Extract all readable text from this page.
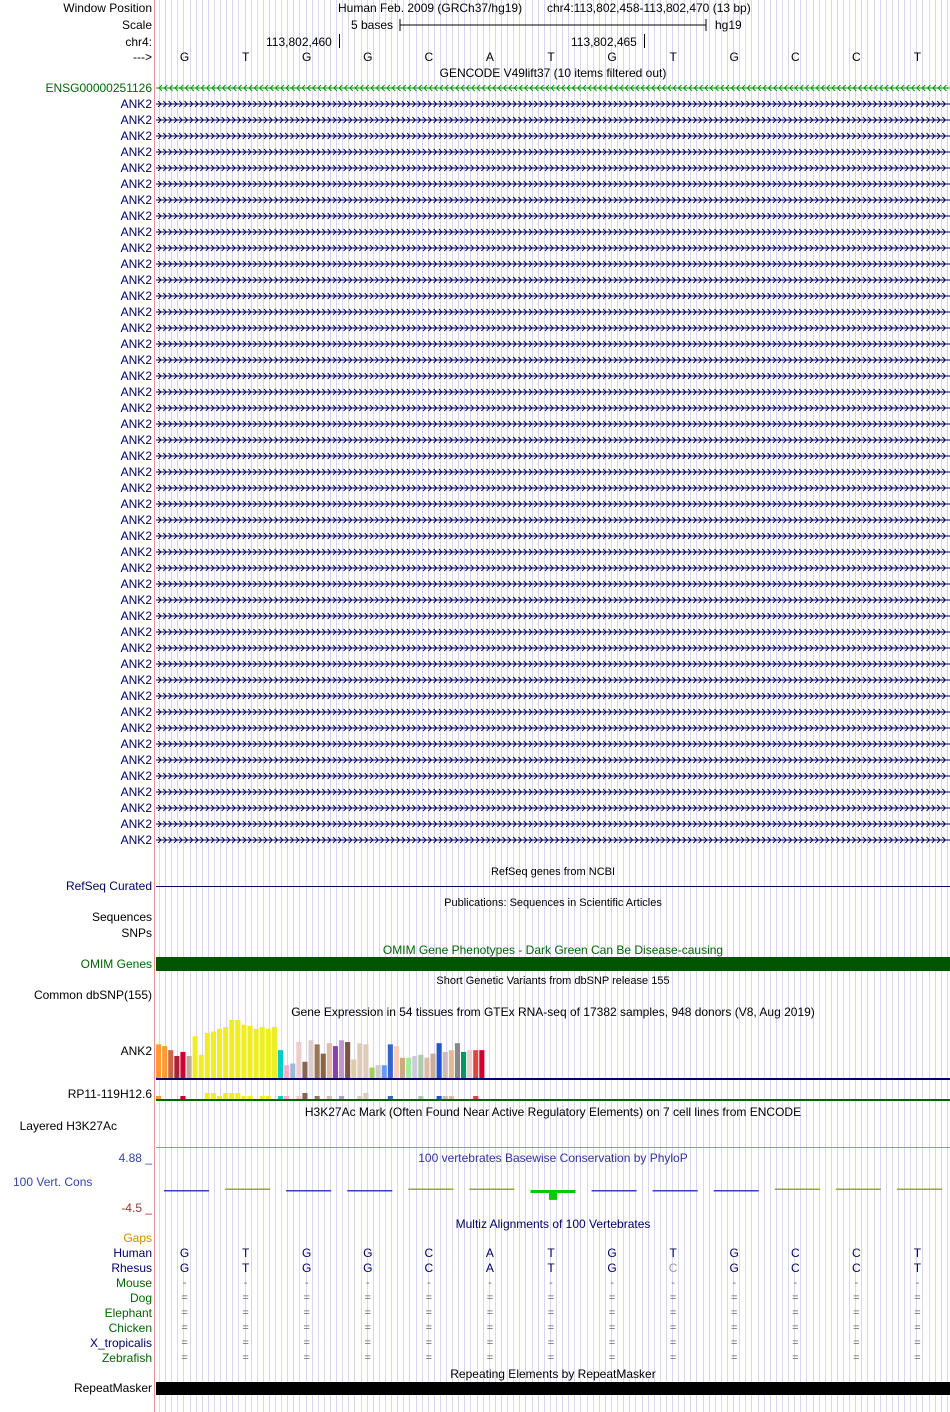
Window Position	Human Feb. 2009 (GRCh37/hg19) chr4:113,802,458-113,802,470 (13 bp)
Scale	5 bases	hg19
chr4:	113,802,460	113,802,465
--->	G	T	G	G	C	A	T	G	T	G	C	C	T
GENCODE V49lift37 (10 items filtered out)
ENSG00000251126
ANK2
ANK2
ANK2
ANK2
ANK2
ANK2
ANK2
ANK2
ANK2
ANK2
ANK2
ANK2
ANK2
ANK2
ANK2
ANK2
ANK2
ANK2
ANK2
ANK2
ANK2
ANK2
ANK2
ANK2
ANK2
ANK2
ANK2
ANK2
ANK2
ANK2
ANK2
ANK2
ANK2
ANK2
ANK2
ANK2
ANK2
ANK2
ANK2
ANK2
ANK2
ANK2
ANK2
ANK2
ANK2
ANK2
ANK2
RefSeq genes from NCBI
RefSeq Curated
Publications: Sequences in Scientific Articles
Sequences
SNPs
OMIM Gene Phenotypes - Dark Green Can Be Disease-causing
OMIM Genes
Short Genetic Variants from dbSNP release 155
Common dbSNP(155)
Gene Expression in 54 tissues from GTEx RNA-seq of 17382 samples, 948 donors (V8, Aug 2019)
ANK2
RP11-119H12.6
H3K27Ac Mark (Often Found Near Active Regulatory Elements) on 7 cell lines from ENCODE
Layered H3K27Ac
100 vertebrates Basewise Conservation by PhyloP
4.88 _
100 Vert. Cons
-4.5 _
Multiz Alignments of 100 Vertebrates
Gaps
Human	G	T	G	G	C	A	T	G	T	G	C	C	T
Rhesus	G	T	G	G	C	A	T	G	C	G	C	C	T
Mouse	-	-	-	-	-	-	-	-	-	-	-	-	-
Dog	=	=	=	=	=	=	=	=	=	=	=	=	=
Elephant	=	=	=	=	=	=	=	=	=	=	=	=	=
Chicken	=	=	=	=	=	=	=	=	=	=	=	=	=
X_tropicalis	=	=	=	=	=	=	=	=	=	=	=	=	=
Zebrafish	=	=	=	=	=	=	=	=	=	=	=	=	=
Repeating Elements by RepeatMasker
RepeatMasker
